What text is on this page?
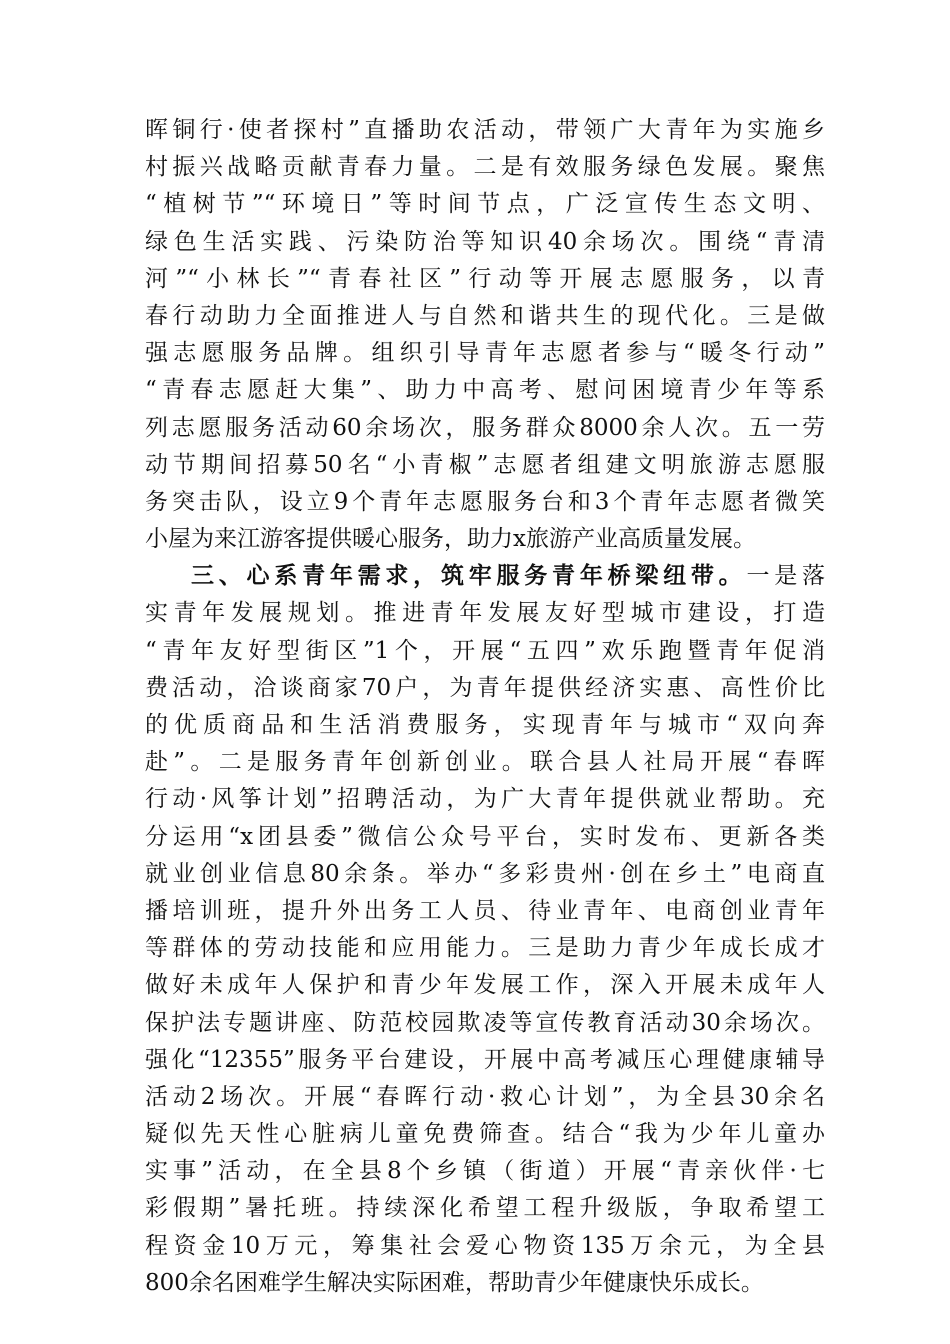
晖铜行·使者探村”直播助农活动，带领广大青年为实施乡
村振兴战略贡献青春力量。二是有效服务绿色发展。聚焦
“植树节”“环境日”等时间节点，广泛宣传生态文明、
绿色生活实践、污染防治等知识40余场次。围绕“青清
河”“小林长”“青春社区”行动等开展志愿服务，以青
春行动助力全面推进人与自然和谐共生的现代化。三是做
强志愿服务品牌。组织引导青年志愿者参与“暖冬行动”
“青春志愿赶大集”、助力中高考、慰问困境青少年等系
列志愿服务活动60余场次，服务群众8000余人次。五一劳
动节期间招募50名“小青椒”志愿者组建文明旅游志愿服
务突击队，设立9个青年志愿服务台和3个青年志愿者微笑
小屋为来江游客提供暖心服务，助力x旅游产业高质量发展。
三、心系青年需求，筑牢服务青年桥梁纽带。一是落
实青年发展规划。推进青年发展友好型城市建设，打造
“青年友好型街区”1个，开展“五四”欢乐跑暨青年促消
费活动，洽谈商家70户，为青年提供经济实惠、高性价比
的优质商品和生活消费服务，实现青年与城市“双向奔
赴”。二是服务青年创新创业。联合县人社局开展“春晖
行动·风筝计划”招聘活动，为广大青年提供就业帮助。充
分运用“x团县委”微信公众号平台，实时发布、更新各类
就业创业信息80余条。举办“多彩贵州·创在乡土”电商直
播培训班，提升外出务工人员、待业青年、电商创业青年
等群体的劳动技能和应用能力。三是助力青少年成长成才
做好未成年人保护和青少年发展工作，深入开展未成年人
保护法专题讲座、防范校园欺凌等宣传教育活动30余场次。
强化“12355”服务平台建设，开展中高考减压心理健康辅导
活动2场次。开展“春晖行动·救心计划”，为全县30余名
疑似先天性心脏病儿童免费筛查。结合“我为少年儿童办
实事”活动，在全县8个乡镇（街道）开展“青亲伙伴·七
彩假期”暑托班。持续深化希望工程升级版，争取希望工
程资金10万元，筹集社会爱心物资135万余元，为全县
800余名困难学生解决实际困难，帮助青少年健康快乐成长。
